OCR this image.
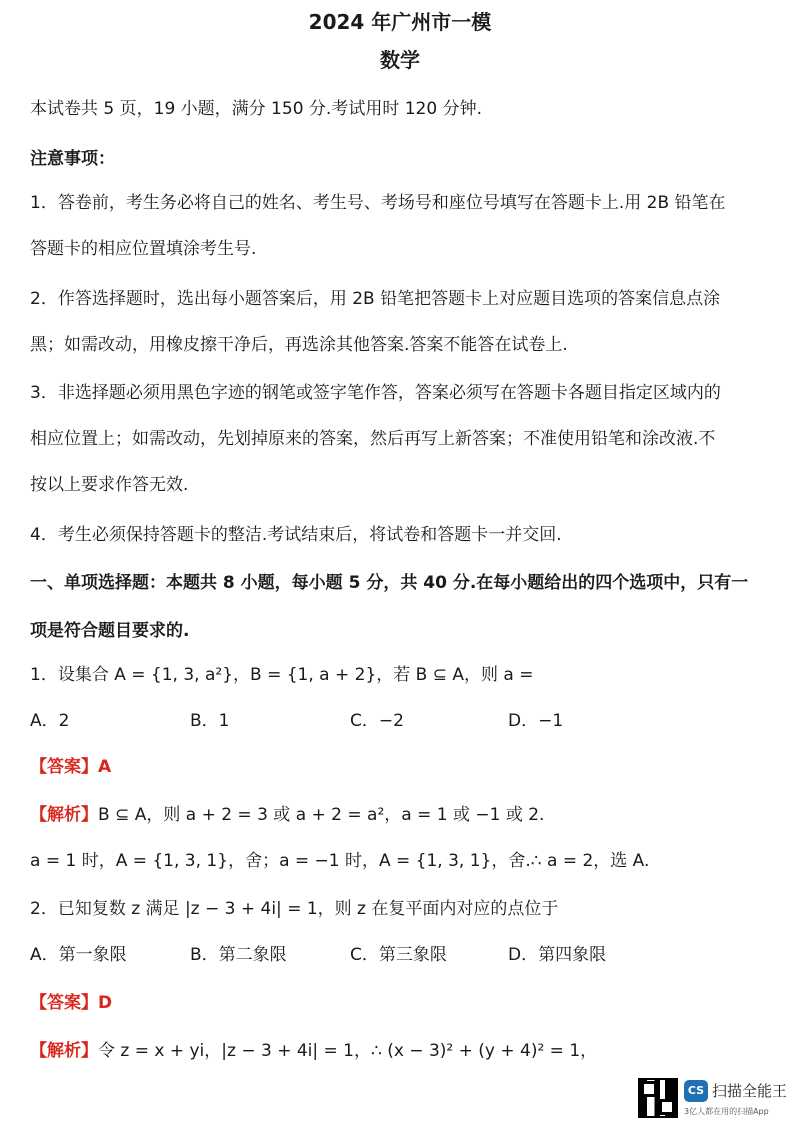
2024 年广州市一模
数学
本试卷共 5 页，19 小题，满分 150 分.考试用时 120 分钟.
注意事项：
1．答卷前，考生务必将自己的姓名、考生号、考场号和座位号填写在答题卡上.用 2B 铅笔在
答题卡的相应位置填涂考生号.
2．作答选择题时，选出每小题答案后，用 2B 铅笔把答题卡上对应题目选项的答案信息点涂
黑；如需改动，用橡皮擦干净后，再选涂其他答案.答案不能答在试卷上.
3．非选择题必须用黑色字迹的钢笔或签字笔作答，答案必须写在答题卡各题目指定区域内的
相应位置上；如需改动，先划掉原来的答案，然后再写上新答案；不准使用铅笔和涂改液.不
按以上要求作答无效.
4．考生必须保持答题卡的整洁.考试结束后，将试卷和答题卡一并交回.
一、单项选择题：本题共 8 小题，每小题 5 分，共 40 分.在每小题给出的四个选项中，只有一
项是符合题目要求的.
1．设集合 A = {1, 3, a²}，B = {1, a + 2}，若 B ⊆ A，则 a =
A．2	B．1	C．−2	D．−1
【答案】A
【解析】B ⊆ A，则 a + 2 = 3 或 a + 2 = a²，a = 1 或 −1 或 2.
a = 1 时，A = {1, 3, 1}，舍；a = −1 时，A = {1, 3, 1}，舍.∴ a = 2，选 A.
2．已知复数 z 满足 |z − 3 + 4i| = 1，则 z 在复平面内对应的点位于
A．第一象限	B．第二象限	C．第三象限	D．第四象限
【答案】D
【解析】令 z = x + yi，|z − 3 + 4i| = 1，∴ (x − 3)² + (y + 4)² = 1，
CS 扫描全能王
3亿人都在用的扫描App
